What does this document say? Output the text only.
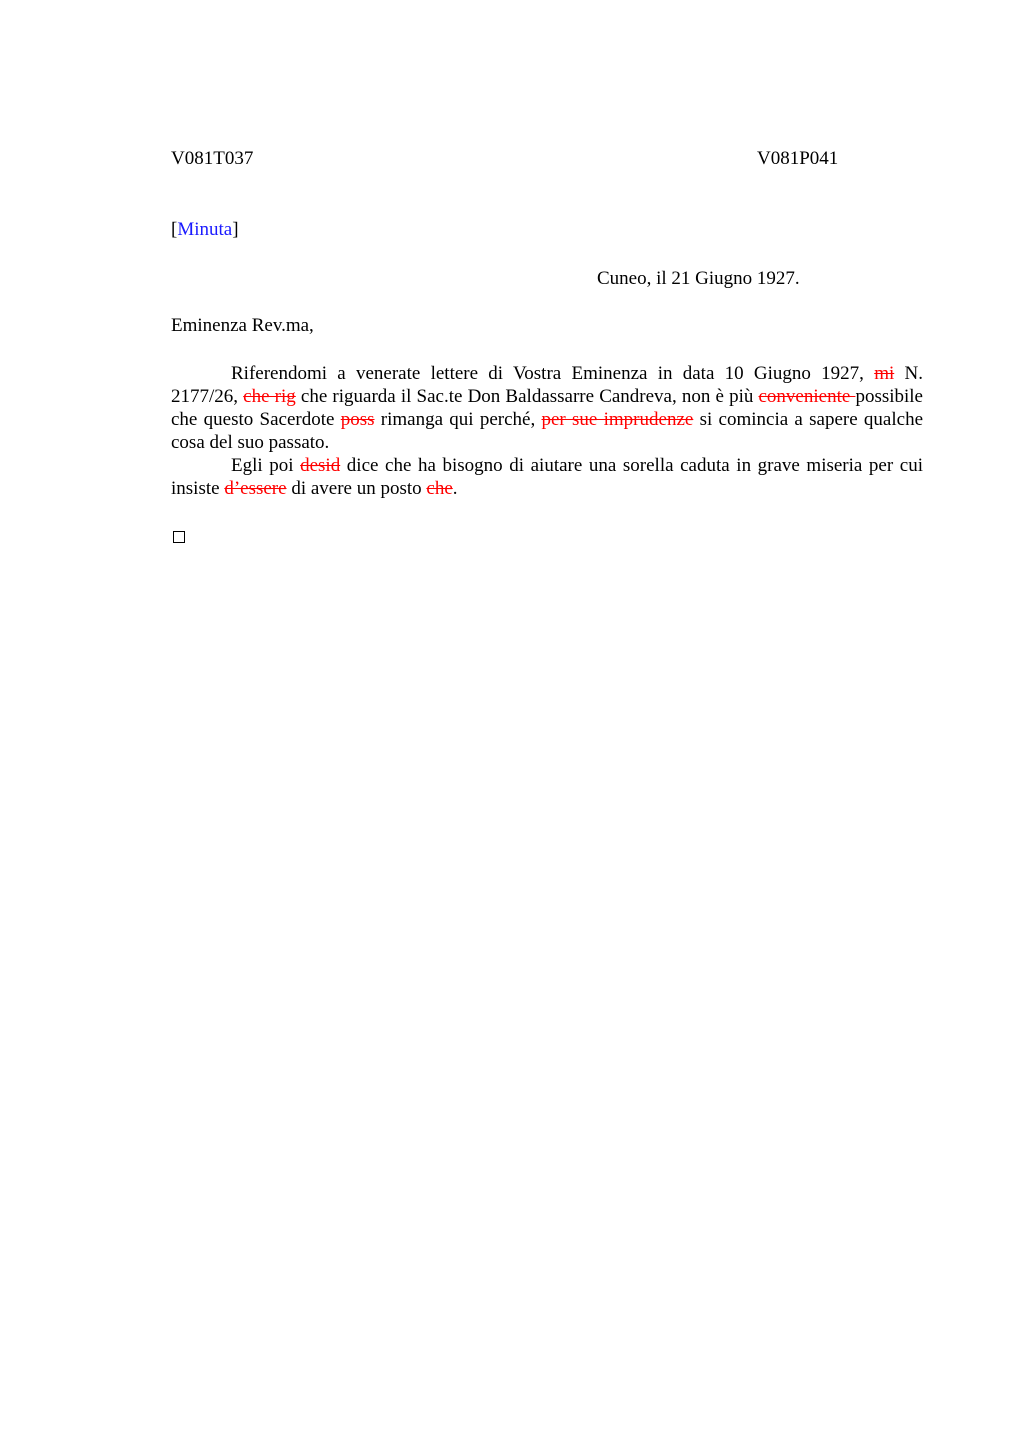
V081T037	V081P041
[Minuta]
Cuneo, il 21 Giugno 1927.
Eminenza Rev.ma,

Riferendomi a venerate lettere di Vostra Eminenza in data 10 Giugno 1927, mi N. 2177/26, che rig che riguarda il Sac.te Don Baldassarre Candreva, non è più conveniente possibile che questo Sacerdote poss rimanga qui perché, per sue imprudenze si comincia a sapere qualche cosa del suo passato.

Egli poi desid dice che ha bisogno di aiutare una sorella caduta in grave miseria per cui insiste d’essere di avere un posto che.
